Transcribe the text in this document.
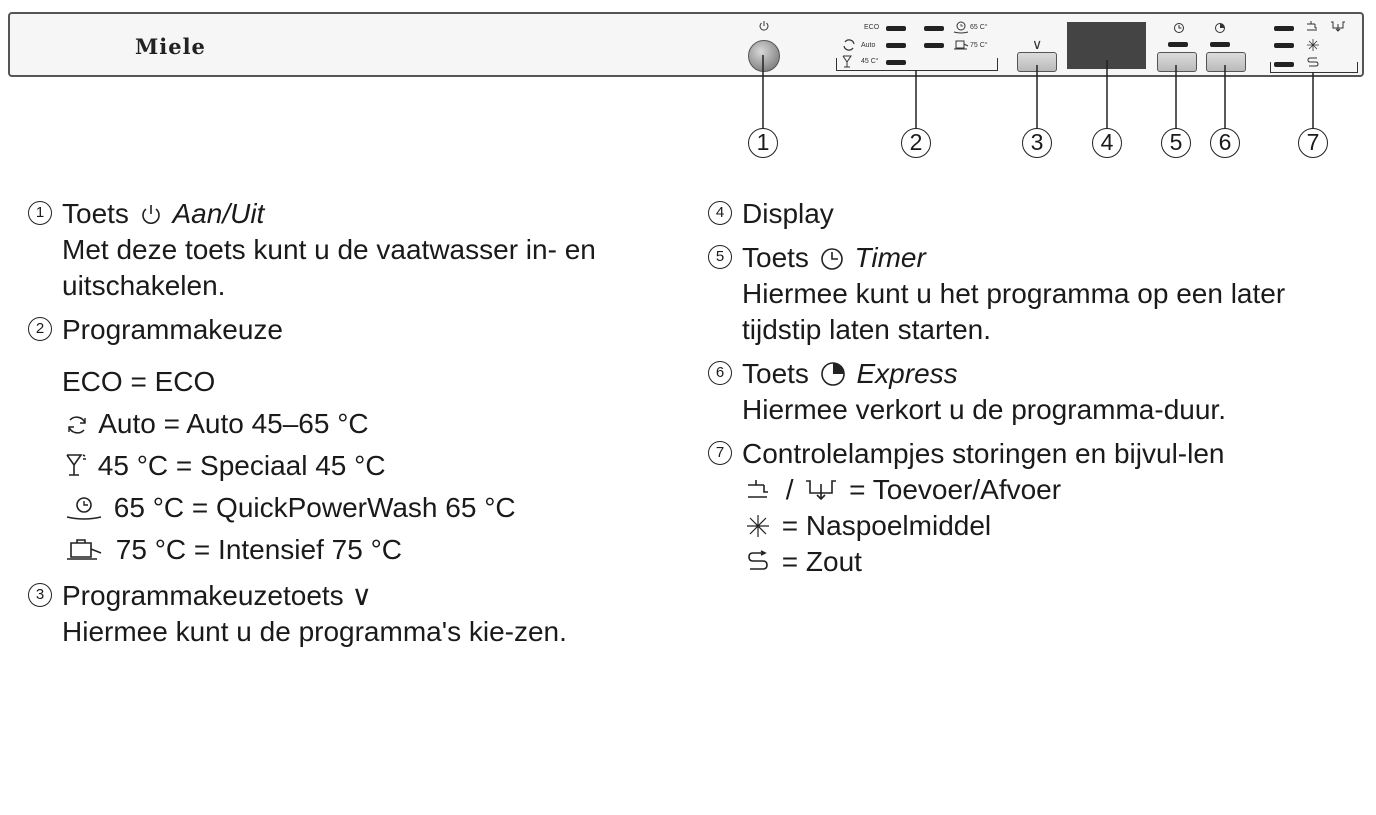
Miele
ECO	65 C°
Auto	75 C°
45 C°
∨
1	2	3	4	5	6	7
1 Toets Aan/Uit
Met deze toets kunt u de vaatwasser in- en uitschakelen.
2 Programmakeuze
ECO = ECO
Auto = Auto 45–65 °C
45 °C = Speciaal 45 °C
65 °C = QuickPowerWash 65 °C
75 °C = Intensief 75 °C
3 Programmakeuzetoets ∨
Hiermee kunt u de programma's kie-zen.
4 Display
5 Toets Timer
Hiermee kunt u het programma op een later tijdstip laten starten.
6 Toets Express
Hiermee verkort u de programma-duur.
7 Controlelampjes storingen en bijvul-len
/  = Toevoer/Afvoer
= Naspoelmiddel
= Zout
